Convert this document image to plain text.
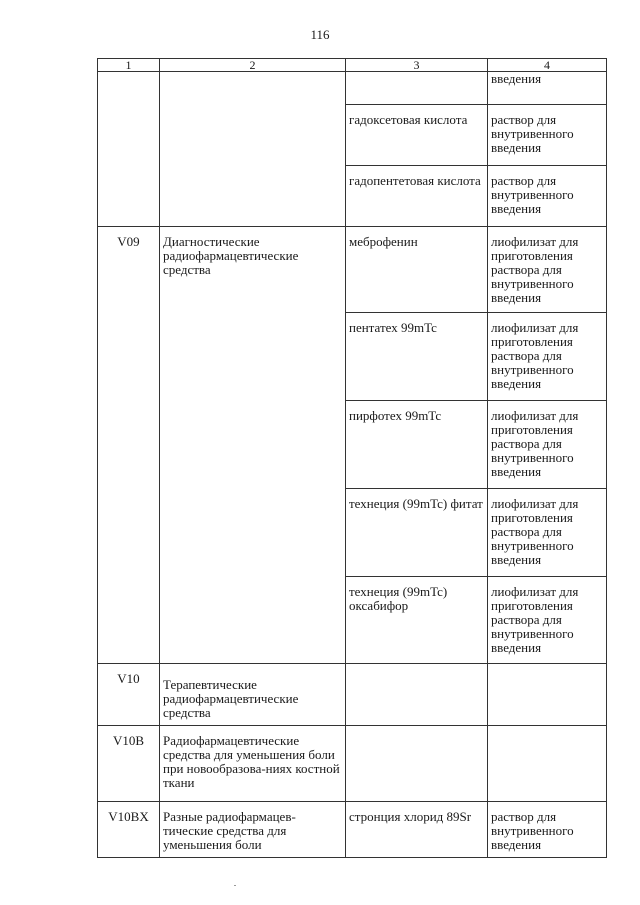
116
1	2	3	4
			введения
		гадоксетовая кислота	раствор для внутривенного введения
		гадопентетовая кислота	раствор для внутривенного введения
V09	Диагностические радиофармацевтические средства	меброфенин	лиофилизат для приготовления раствора для внутривенного введения
		пентатех 99mTc	лиофилизат для приготовления раствора для внутривенного введения
		пирфотех 99mTc	лиофилизат для приготовления раствора для внутривенного введения
		технеция (99mTc) фитат	лиофилизат для приготовления раствора для внутривенного введения
		технеция (99mTc) оксабифор	лиофилизат для приготовления раствора для внутривенного введения
V10	Терапевтические радиофармацевтические средства		
V10B	Радиофармацевтические средства для уменьшения боли при новообразова-ниях костной ткани		
V10BX	Разные радиофармацев-тические средства для уменьшения боли	стронция хлорид 89Sr	раствор для внутривенного введения
